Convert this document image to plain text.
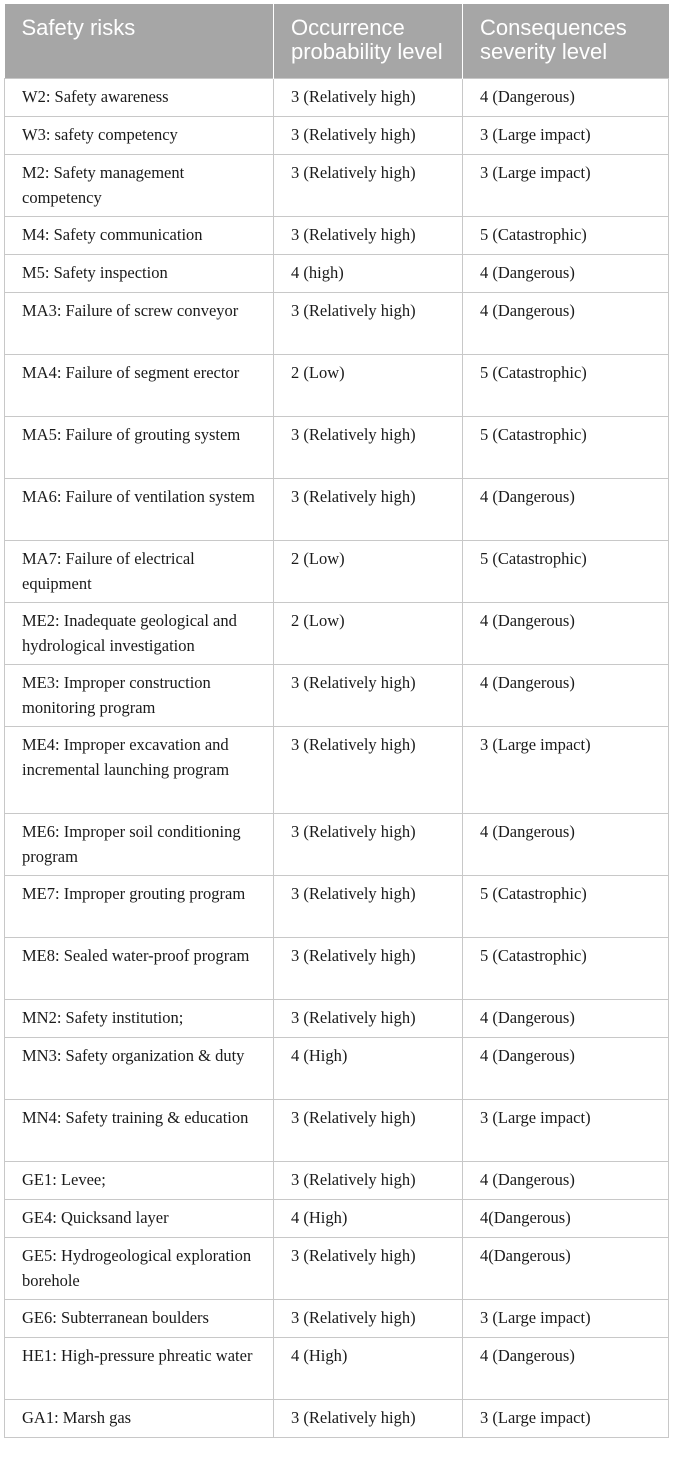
Safety risks	Occurrence probability level	Consequences severity level
W2: Safety awareness	3 (Relatively high)	4 (Dangerous)
W3: safety competency	3 (Relatively high)	3 (Large impact)
M2: Safety management competency	3 (Relatively high)	3 (Large impact)
M4: Safety communication	3 (Relatively high)	5 (Catastrophic)
M5: Safety inspection	4 (high)	4 (Dangerous)
MA3: Failure of screw conveyor	3 (Relatively high)	4 (Dangerous)
MA4: Failure of segment erector	2 (Low)	5 (Catastrophic)
MA5: Failure of grouting system	3 (Relatively high)	5 (Catastrophic)
MA6: Failure of ventilation system	3 (Relatively high)	4 (Dangerous)
MA7: Failure of electrical equipment	2 (Low)	5 (Catastrophic)
ME2: Inadequate geological and hydrological investigation	2 (Low)	4 (Dangerous)
ME3: Improper construction monitoring program	3 (Relatively high)	4 (Dangerous)
ME4: Improper excavation and incremental launching program	3 (Relatively high)	3 (Large impact)
ME6: Improper soil conditioning program	3 (Relatively high)	4 (Dangerous)
ME7: Improper grouting program	3 (Relatively high)	5 (Catastrophic)
ME8: Sealed water-proof program	3 (Relatively high)	5 (Catastrophic)
MN2: Safety institution;	3 (Relatively high)	4 (Dangerous)
MN3: Safety organization & duty	4 (High)	4 (Dangerous)
MN4: Safety training & education	3 (Relatively high)	3 (Large impact)
GE1: Levee;	3 (Relatively high)	4 (Dangerous)
GE4: Quicksand layer	4 (High)	4(Dangerous)
GE5: Hydrogeological exploration borehole	3 (Relatively high)	4(Dangerous)
GE6: Subterranean boulders	3 (Relatively high)	3 (Large impact)
HE1: High-pressure phreatic water	4 (High)	4 (Dangerous)
GA1: Marsh gas	3 (Relatively high)	3 (Large impact)
